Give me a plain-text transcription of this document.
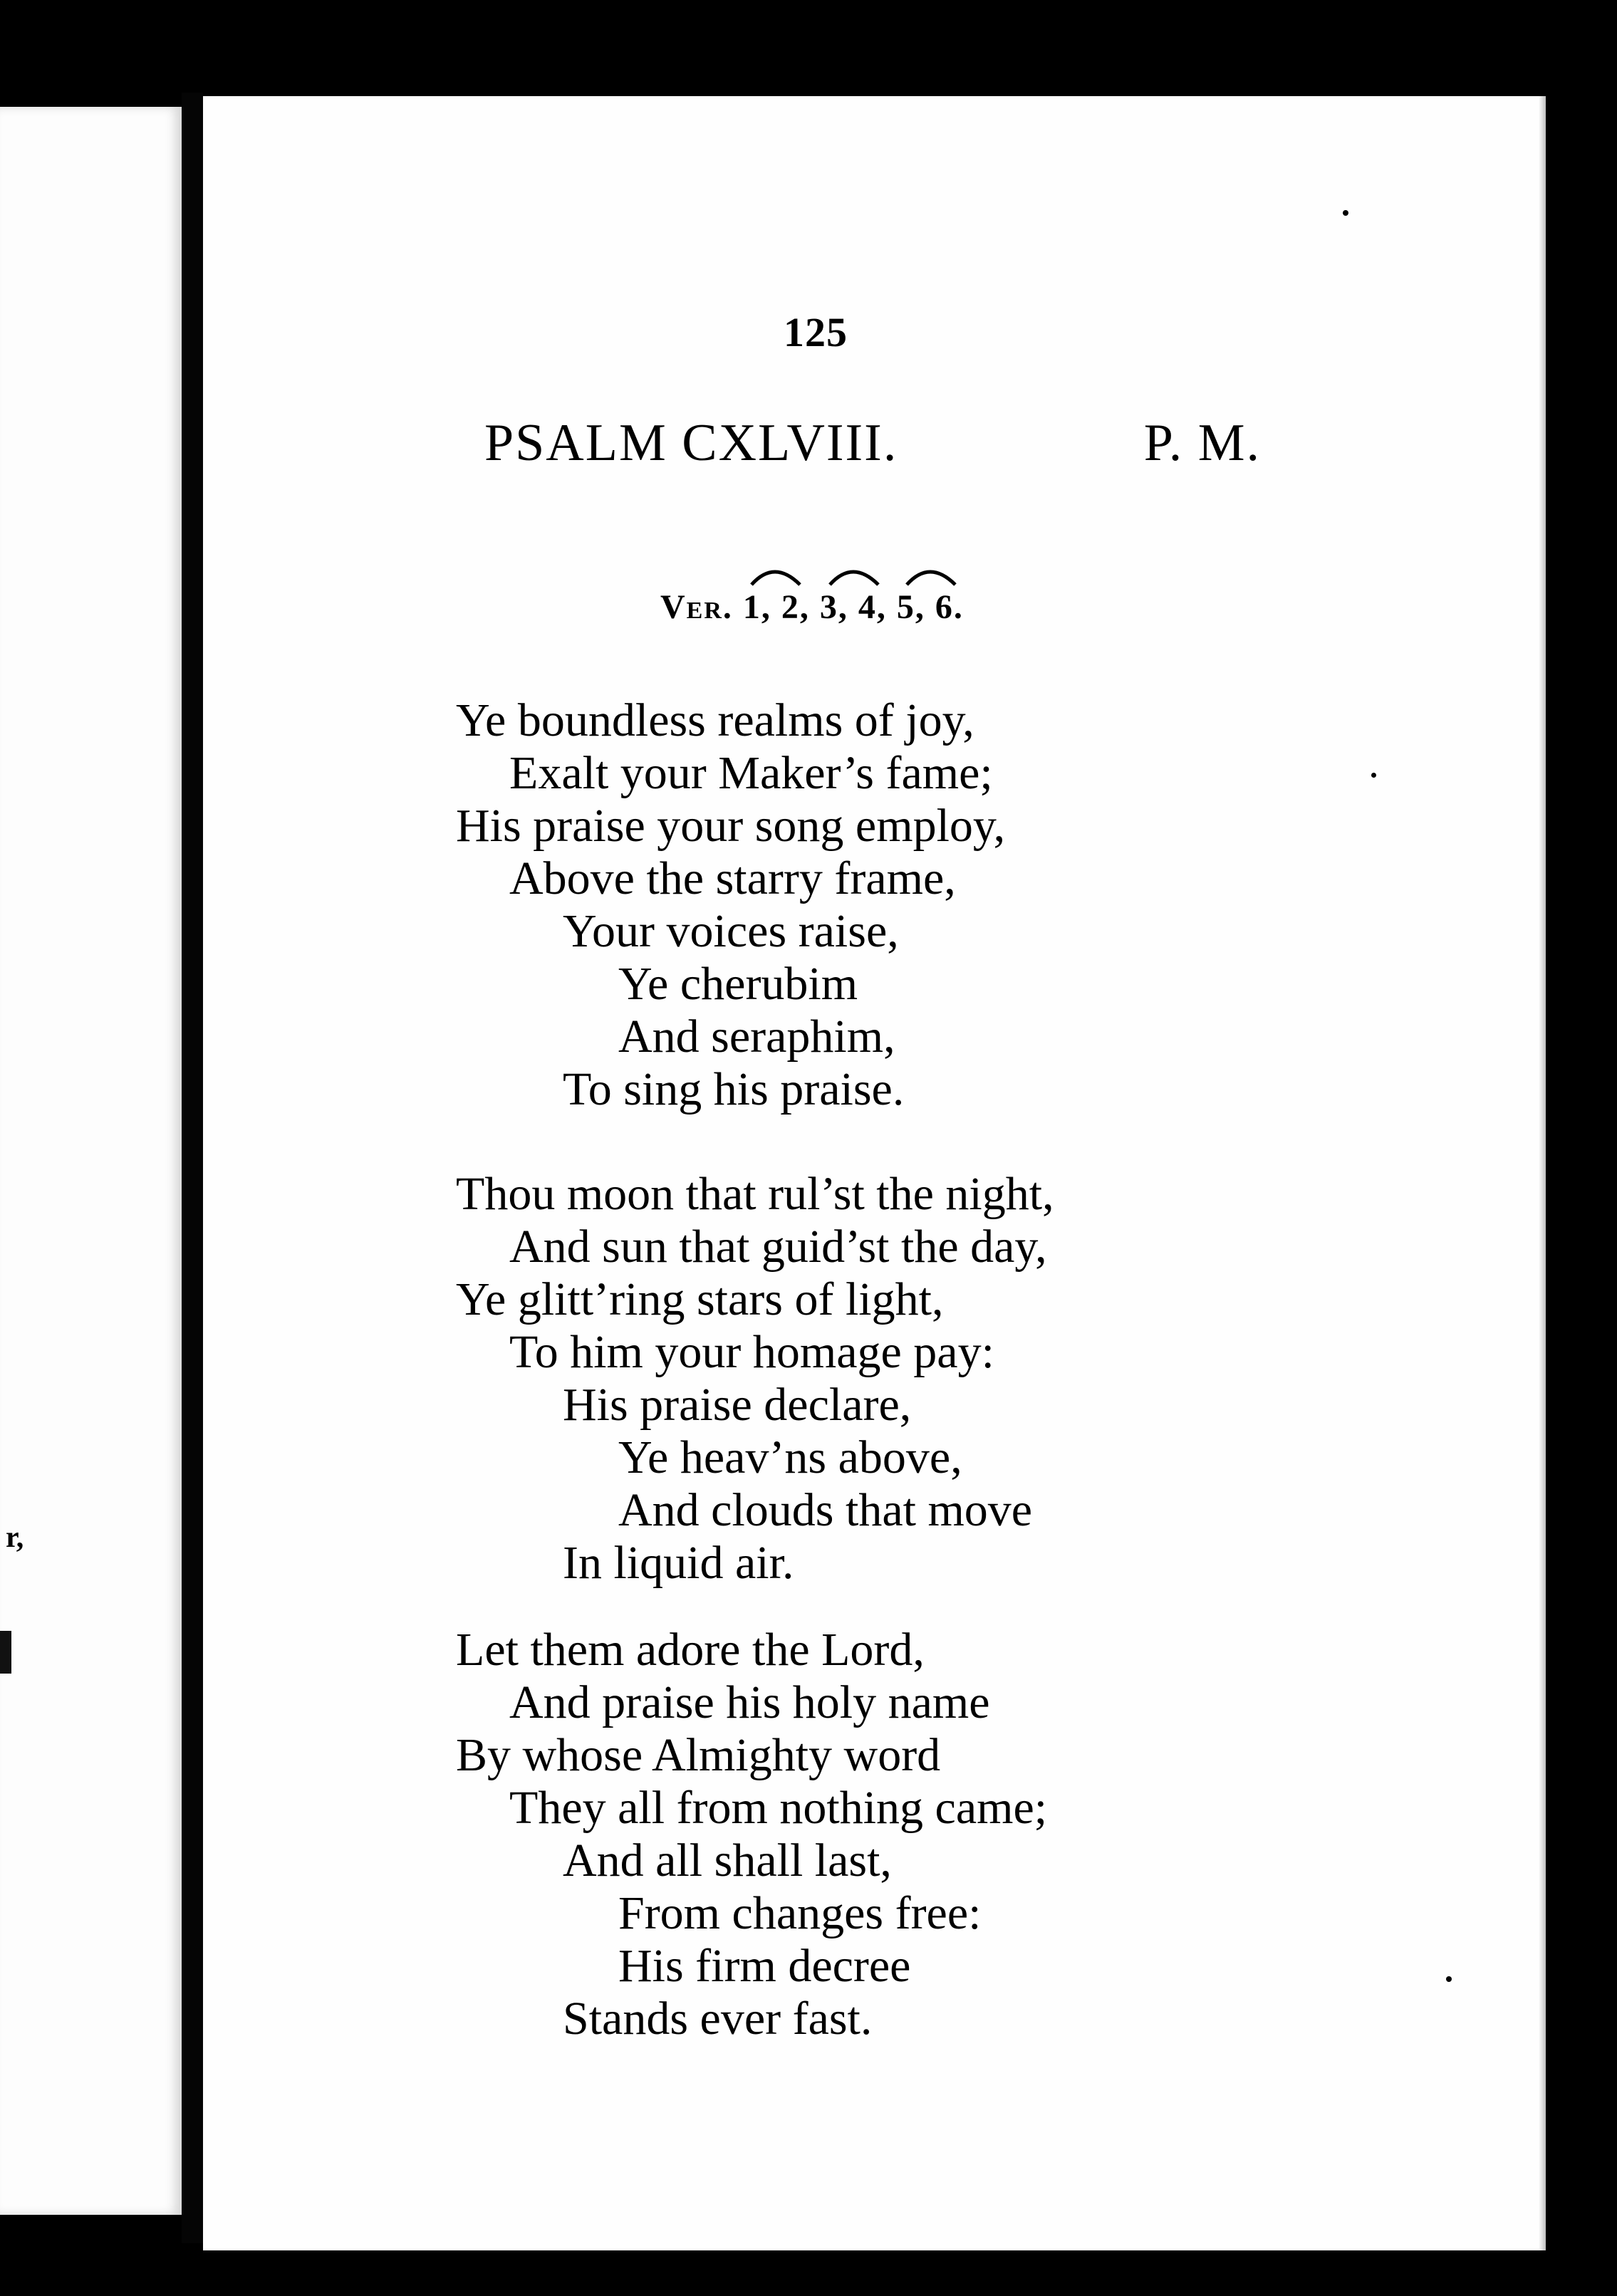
r,
125
PSALM CXLVIII.	P. M.
Ver. 1, 2, 3, 4, 5, 6.
Ye boundless realms of joy,
Exalt your Maker’s fame;
His praise your song employ,
Above the starry frame,
Your voices raise,
Ye cherubim
And seraphim,
To sing his praise.
Thou moon that rul’st the night,
And sun that guid’st the day,
Ye glitt’ring stars of light,
To him your homage pay:
His praise declare,
Ye heav’ns above,
And clouds that move
In liquid air.
Let them adore the Lord,
And praise his holy name
By whose Almighty word
They all from nothing came;
And all shall last,
From changes free:
His firm decree
Stands ever fast.
